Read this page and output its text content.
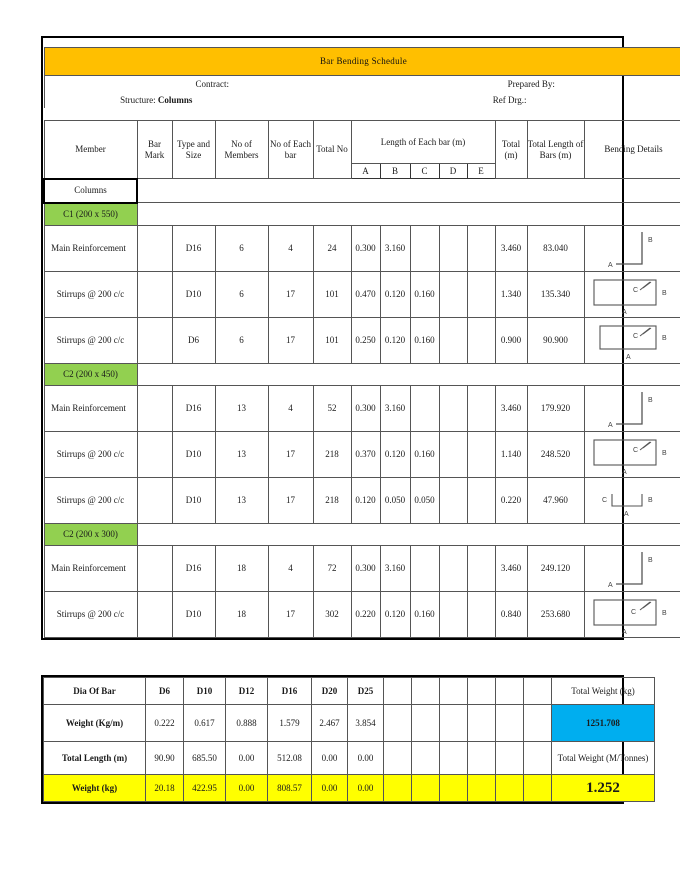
Bar Bending Schedule													
Contract:							Prepared By:						
Structure: Columns				Ref Drg.:									

Member	Bar Mark	Type and Size	No of Members	No of Each bar	Total No	Length of Each bar (m)					Total (m)	Total Length of Bars (m)	Bending Details
						A	B	C	D	E			
Columns													
C1 (200 x 550)													
Main Reinforcement		D16	6	4	24	0.300	3.160				3.460	83.040	A
B

Stirrups @ 200 c/c		D10	6	17	101	0.470	0.120	0.160			1.340	135.340	C B
A

Stirrups @ 200 c/c		D6	6	17	101	0.250	0.120	0.160			0.900	90.900	C B
A

C2 (200 x 450)													
Main Reinforcement		D16	13	4	52	0.300	3.160				3.460	179.920	A
B

Stirrups @ 200 c/c		D10	13	17	218	0.370	0.120	0.160			1.140	248.520	C B
A

Stirrups @ 200 c/c		D10	13	17	218	0.120	0.050	0.050			0.220	47.960	C B
A

C2 (200 x 300)													
Main Reinforcement		D16	18	4	72	0.300	3.160				3.460	249.120	A
B

Stirrups @ 200 c/c		D10	18	17	302	0.220	0.120	0.160			0.840	253.680	C B
A
Dia Of Bar	D6	D10	D12	D16	D20	D25							Total Weight (kg)
Weight (Kg/m)	0.222	0.617	0.888	1.579	2.467	3.854							1251.708
Total Length (m)	90.90	685.50	0.00	512.08	0.00	0.00							Total Weight (M/Tonnes)
Weight (kg)	20.18	422.95	0.00	808.57	0.00	0.00							1.252
